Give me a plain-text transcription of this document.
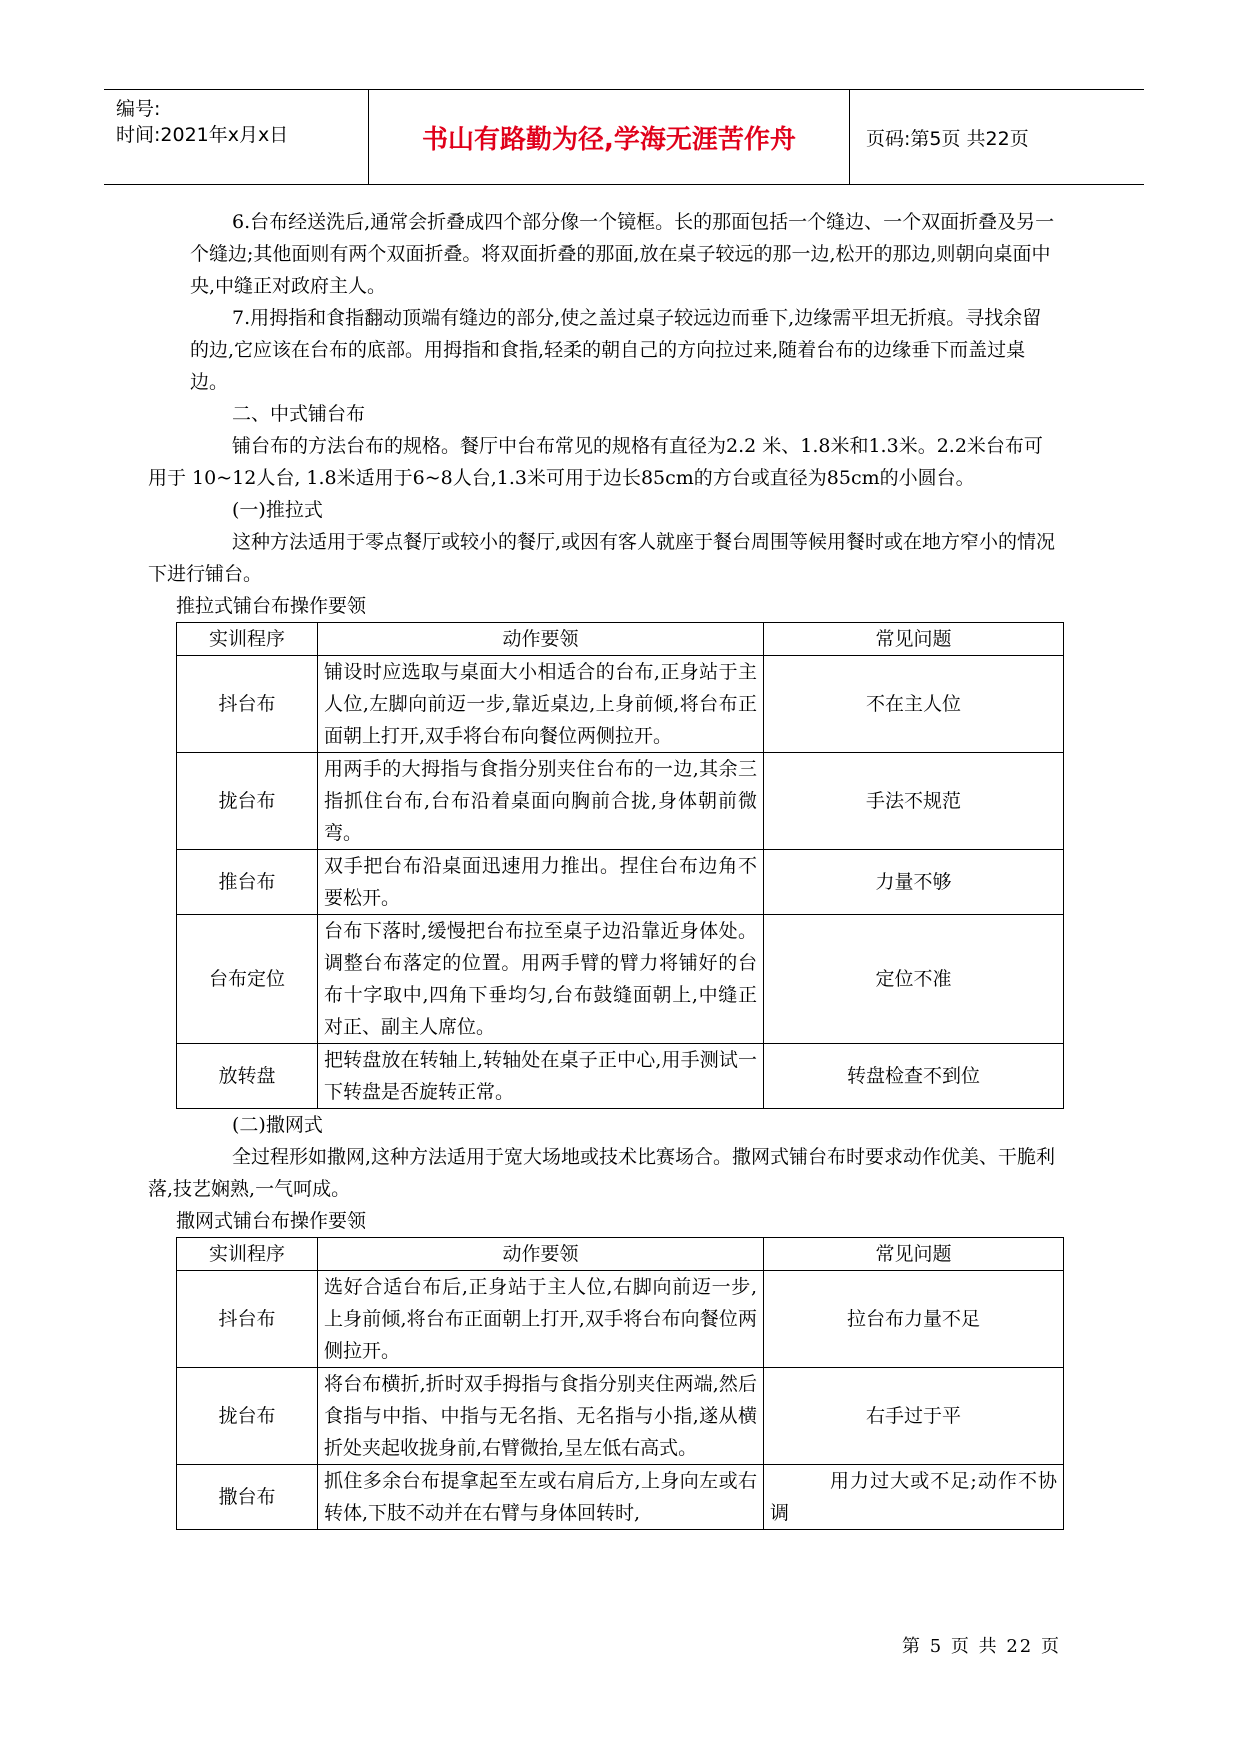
编号:
时间:2021年x月x日	书山有路勤为径,学海无涯苦作舟	页码:第5页 共22页

6.台布经送洗后,通常会折叠成四个部分像一个镜框。长的那面包括一个缝边、一个双面折叠及另一个缝边;其他面则有两个双面折叠。将双面折叠的那面,放在桌子较远的那一边,松开的那边,则朝向桌面中央,中缝正对政府主人。

7.用拇指和食指翻动顶端有缝边的部分,使之盖过桌子较远边而垂下,边缘需平坦无折痕。寻找余留的边,它应该在台布的底部。用拇指和食指,轻柔的朝自己的方向拉过来,随着台布的边缘垂下而盖过桌边。

二、中式铺台布

铺台布的方法台布的规格。餐厅中台布常见的规格有直径为2.2 米、1.8米和1.3米。2.2米台布可用于 10~12人台, 1.8米适用于6~8人台,1.3米可用于边长85cm的方台或直径为85cm的小圆台。

(一)推拉式

这种方法适用于零点餐厅或较小的餐厅,或因有客人就座于餐台周围等候用餐时或在地方窄小的情况下进行铺台。

推拉式铺台布操作要领

实训程序	动作要领	常见问题
抖台布	铺设时应选取与桌面大小相适合的台布,正身站于主人位,左脚向前迈一步,靠近桌边,上身前倾,将台布正面朝上打开,双手将台布向餐位两侧拉开。	不在主人位
拢台布	用两手的大拇指与食指分别夹住台布的一边,其余三指抓住台布,台布沿着桌面向胸前合拢,身体朝前微弯。	手法不规范
推台布	双手把台布沿桌面迅速用力推出。捏住台布边角不要松开。	力量不够
台布定位	台布下落时,缓慢把台布拉至桌子边沿靠近身体处。调整台布落定的位置。用两手臂的臂力将铺好的台布十字取中,四角下垂均匀,台布鼓缝面朝上,中缝正对正、副主人席位。	定位不准
放转盘	把转盘放在转轴上,转轴处在桌子正中心,用手测试一下转盘是否旋转正常。	转盘检查不到位

(二)撒网式

全过程形如撒网,这种方法适用于宽大场地或技术比赛场合。撒网式铺台布时要求动作优美、干脆利落,技艺娴熟,一气呵成。

撒网式铺台布操作要领

实训程序	动作要领	常见问题
抖台布	选好合适台布后,正身站于主人位,右脚向前迈一步,上身前倾,将台布正面朝上打开,双手将台布向餐位两侧拉开。	拉台布力量不足
拢台布	将台布横折,折时双手拇指与食指分别夹住两端,然后食指与中指、中指与无名指、无名指与小指,遂从横折处夹起收拢身前,右臂微抬,呈左低右高式。	右手过于平
撒台布	抓住多余台布提拿起至左或右肩后方,上身向左或右转体,下肢不动并在右臂与身体回转时,	用力过大或不足;动作不协调
第 5 页 共 22 页
